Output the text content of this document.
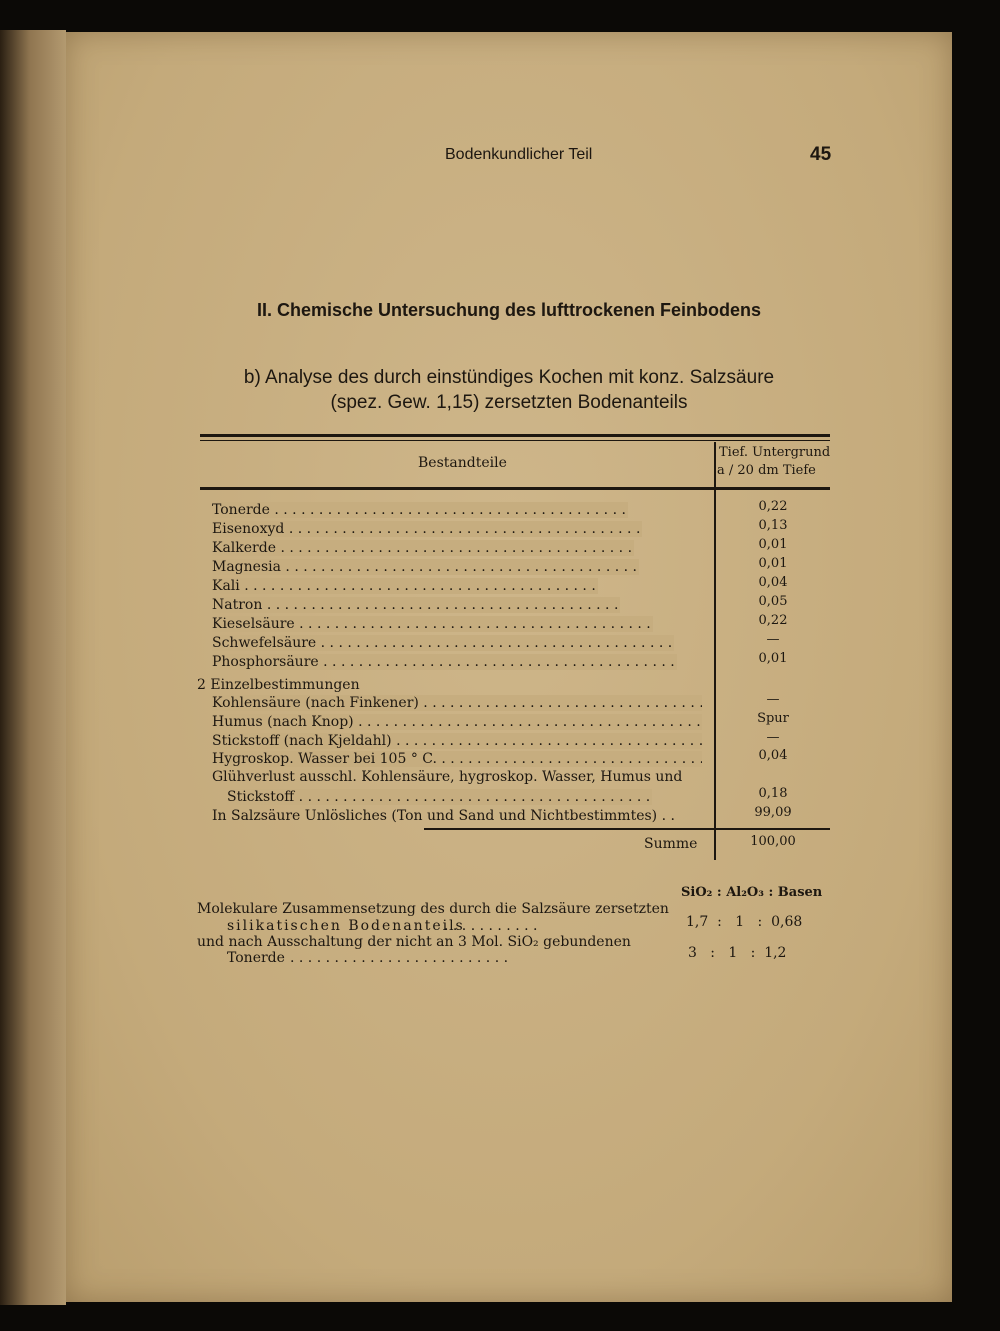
Bodenkundlicher Teil	45
II. Chemische Untersuchung des lufttrockenen Feinbodens
b) Analyse des durch einstündiges Kochen mit konz. Salzsäure
(spez. Gew. 1,15) zersetzten Bodenanteils
Bestandteile
Tief. Untergrund
a / 20 dm Tiefe
Tonerde . . .	0,22
Eisenoxyd . . .	0,13
Kalkerde . . .	0,01
Magnesia . . .	0,01
Kali . . .	0,04
Natron . . .	0,05
Kieselsäure . . .	0,22
Schwefelsäure . . .	—
Phosphorsäure . . .	0,01
2 Einzelbestimmungen
Kohlensäure (nach Finkener) . . .	—
Humus (nach Knop) . . .	Spur
Stickstoff (nach Kjeldahl) . . .	—
Hygroskop. Wasser bei 105 ° C. . . .	0,04
Glühverlust ausschl. Kohlensäure, hygroskop. Wasser, Humus und
Stickstoff . . .	0,18
In Salzsäure Unlösliches (Ton und Sand und Nichtbestimmtes) . .	99,09
Summe	100,00
SiO₂ : Al₂O₃ : Basen
Molekulare Zusammensetzung des durch die Salzsäure zersetzten
silikatischen Bodenanteils
. . . . . . . . . . .	1,7  :   1   :  0,68
und nach Ausschaltung der nicht an 3 Mol. SiO₂ gebundenen
Tonerde . . . . . . . . . . . . . . . . . . . . . . . . .	3   :   1   :  1,2
